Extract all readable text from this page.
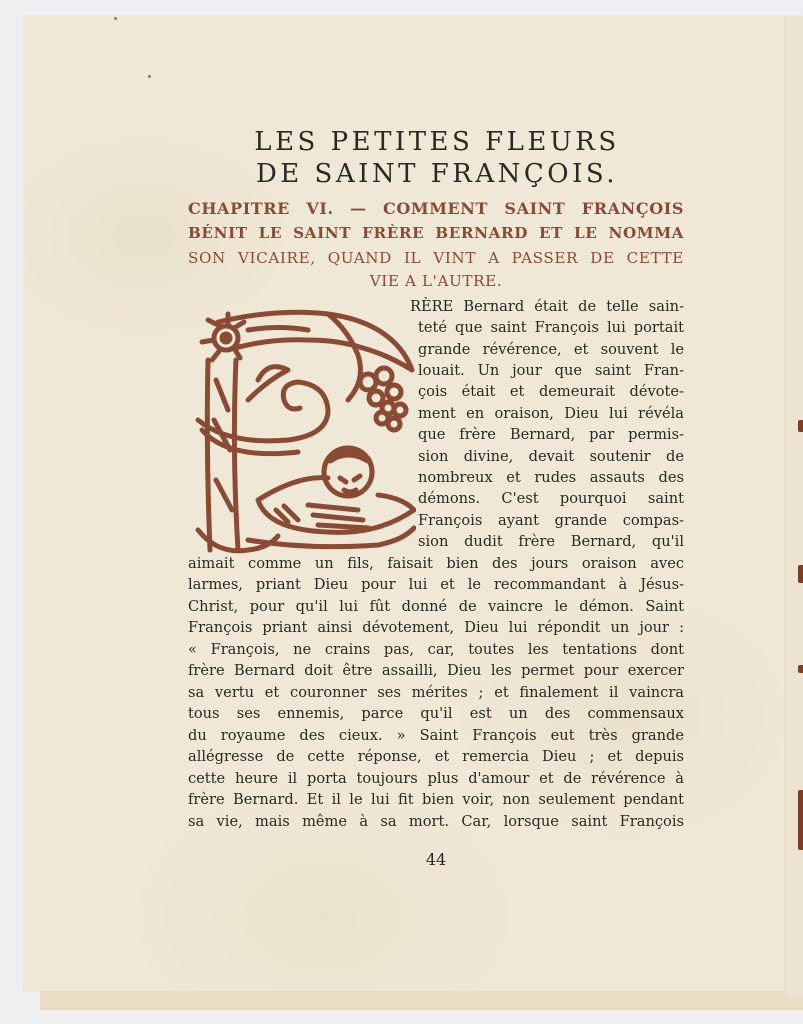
LES PETITES FLEURS
DE SAINT FRANÇOIS.
CHAPITRE VI. — COMMENT SAINT FRANÇOIS
BÉNIT LE SAINT FRÈRE BERNARD ET LE NOMMA
SON VICAIRE, QUAND IL VINT A PASSER DE CETTE
VIE A L'AUTRE.
RÈRE Bernard était de telle sain-
teté que saint François lui portait
grande révérence, et souvent le
louait. Un jour que saint Fran-
çois était et demeurait dévote-
ment en oraison, Dieu lui révéla
que frère Bernard, par permis-
sion divine, devait soutenir de
nombreux et rudes assauts des
démons. C'est pourquoi saint
François ayant grande compas-
sion dudit frère Bernard, qu'il
aimait comme un fils, faisait bien des jours oraison avec
larmes, priant Dieu pour lui et le recommandant à Jésus-
Christ, pour qu'il lui fût donné de vaincre le démon. Saint
François priant ainsi dévotement, Dieu lui répondit un jour :
« François, ne crains pas, car, toutes les tentations dont
frère Bernard doit être assailli, Dieu les permet pour exercer
sa vertu et couronner ses mérites ; et finalement il vaincra
tous ses ennemis, parce qu'il est un des commensaux
du royaume des cieux. » Saint François eut très grande
allégresse de cette réponse, et remercia Dieu ; et depuis
cette heure il porta toujours plus d'amour et de révérence à
frère Bernard. Et il le lui fit bien voir, non seulement pendant
sa vie, mais même à sa mort. Car, lorsque saint François
44
